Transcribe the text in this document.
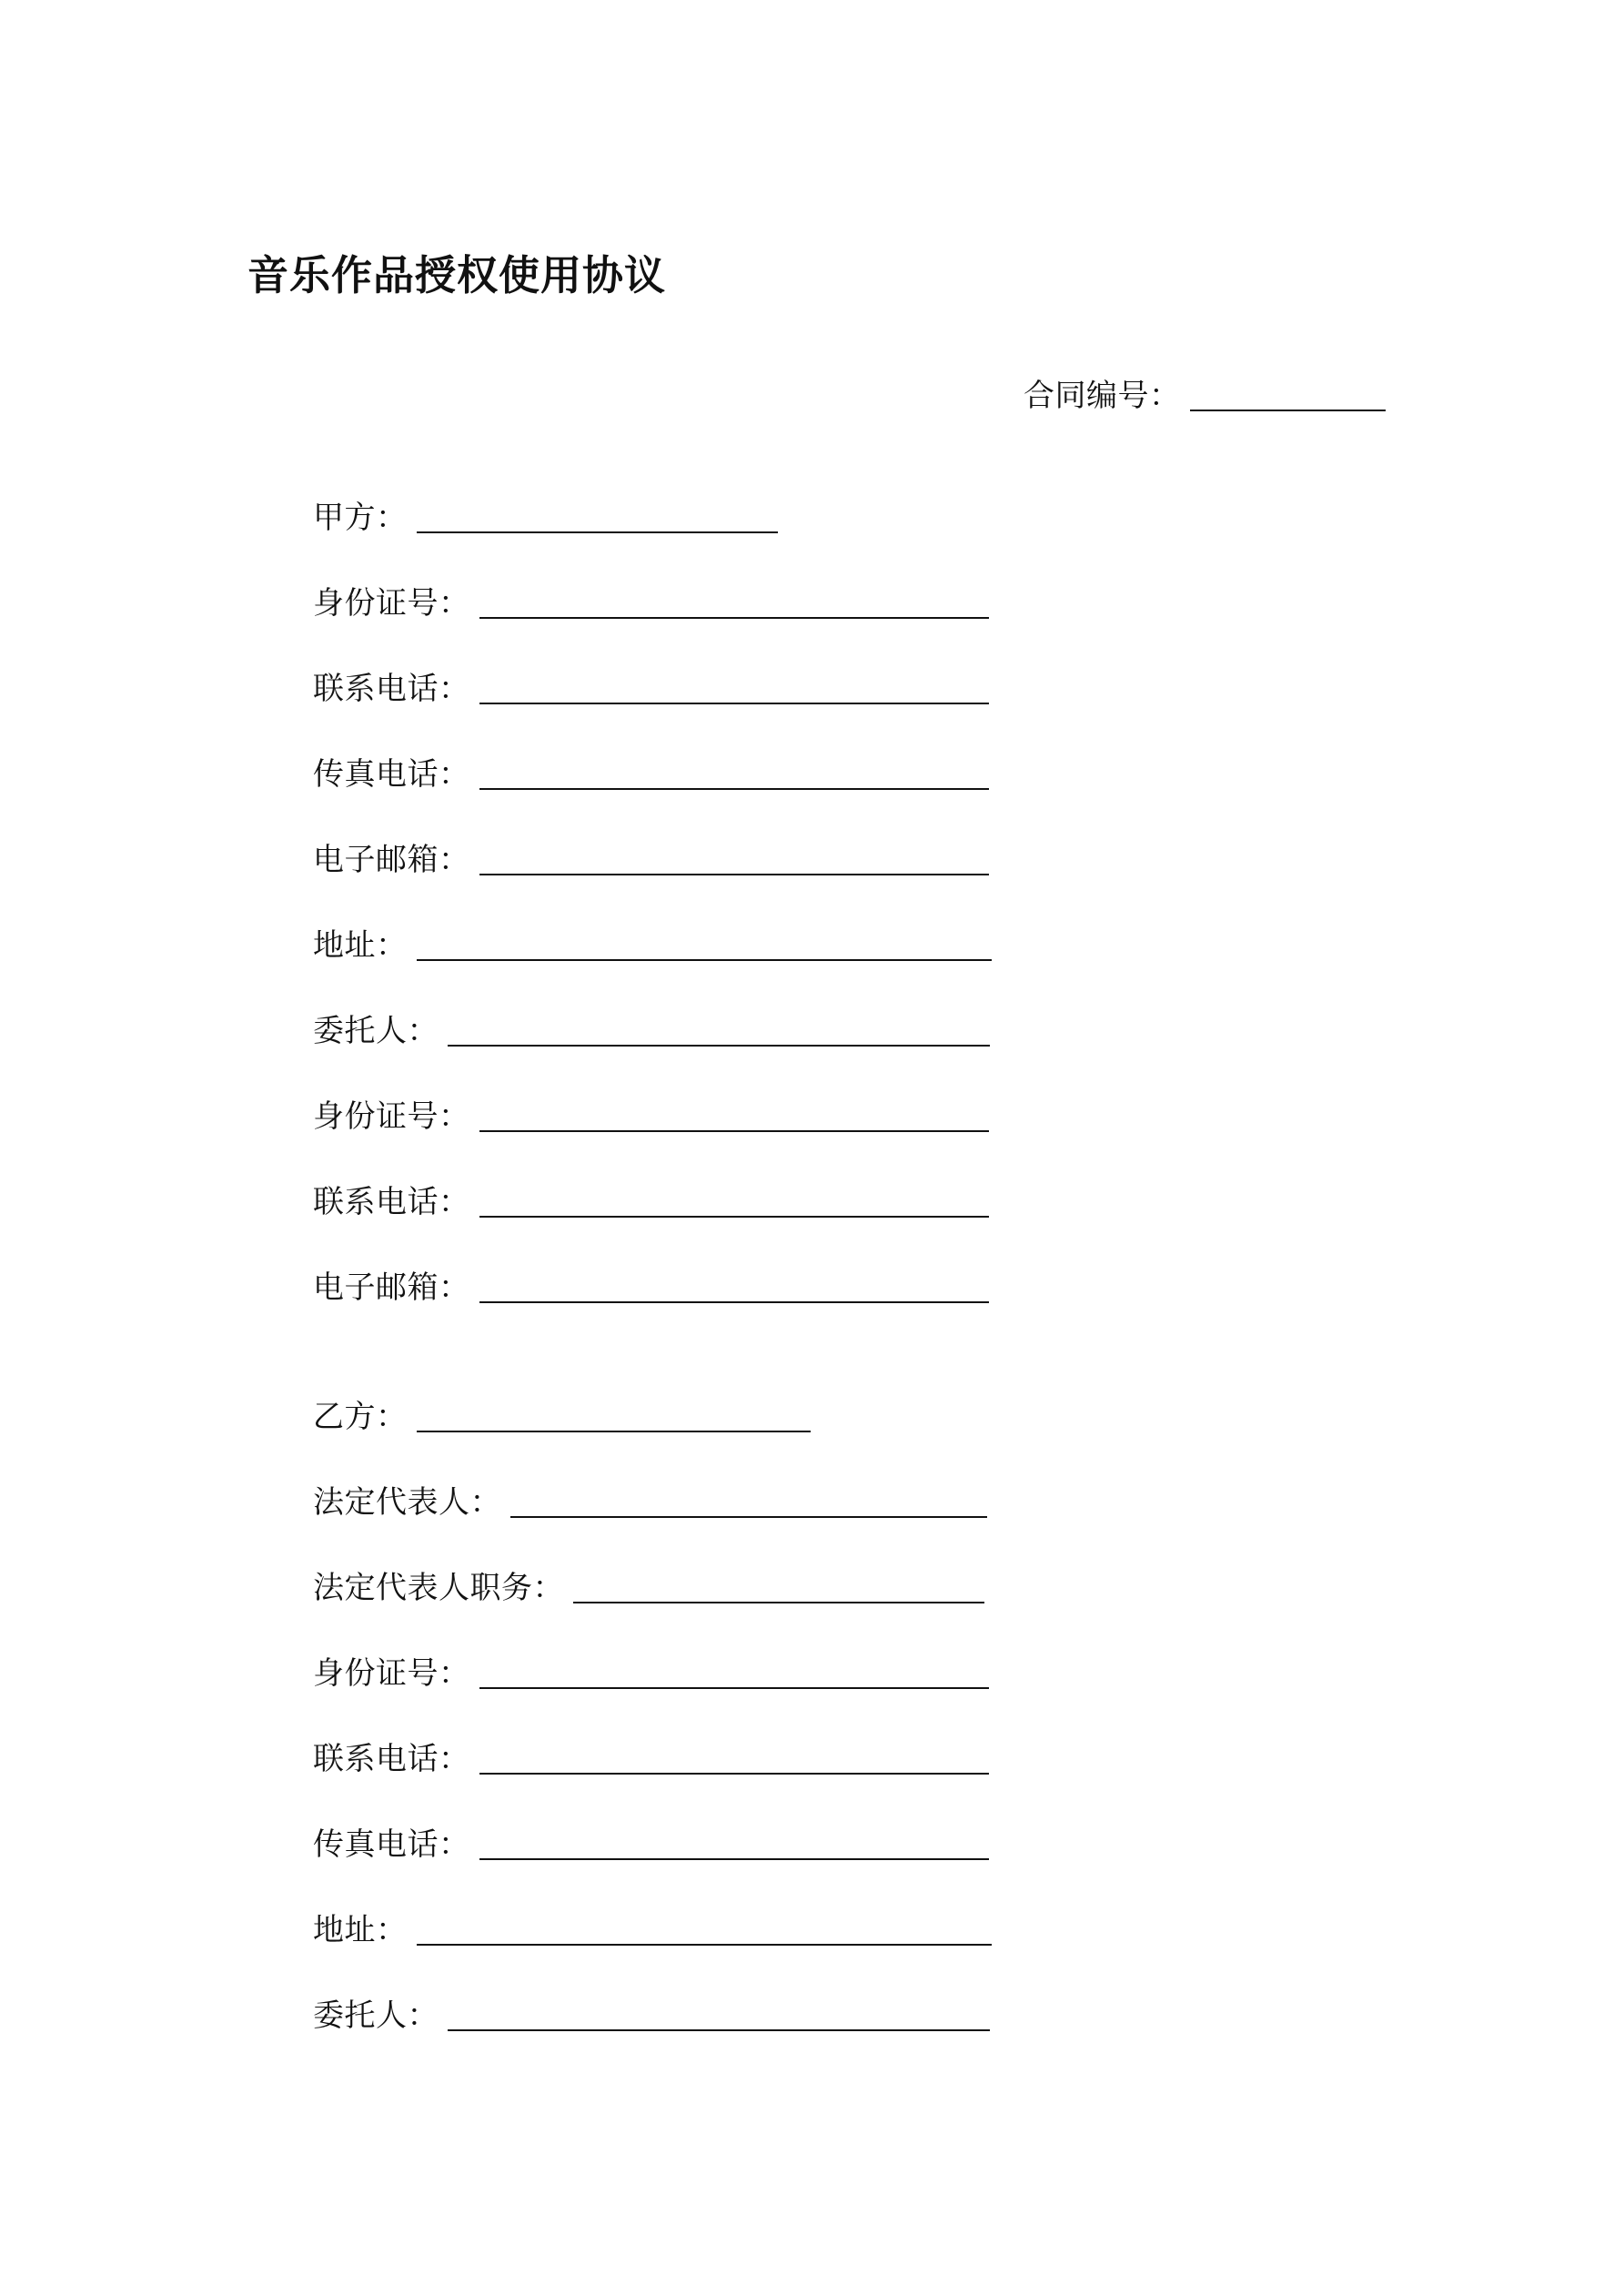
音乐作品授权使用协议
合同编号：
甲方：
身份证号：
联系电话：
传真电话：
电子邮箱：
地址：
委托人：
身份证号：
联系电话：
电子邮箱：
乙方：
法定代表人：
法定代表人职务：
身份证号：
联系电话：
传真电话：
地址：
委托人：
